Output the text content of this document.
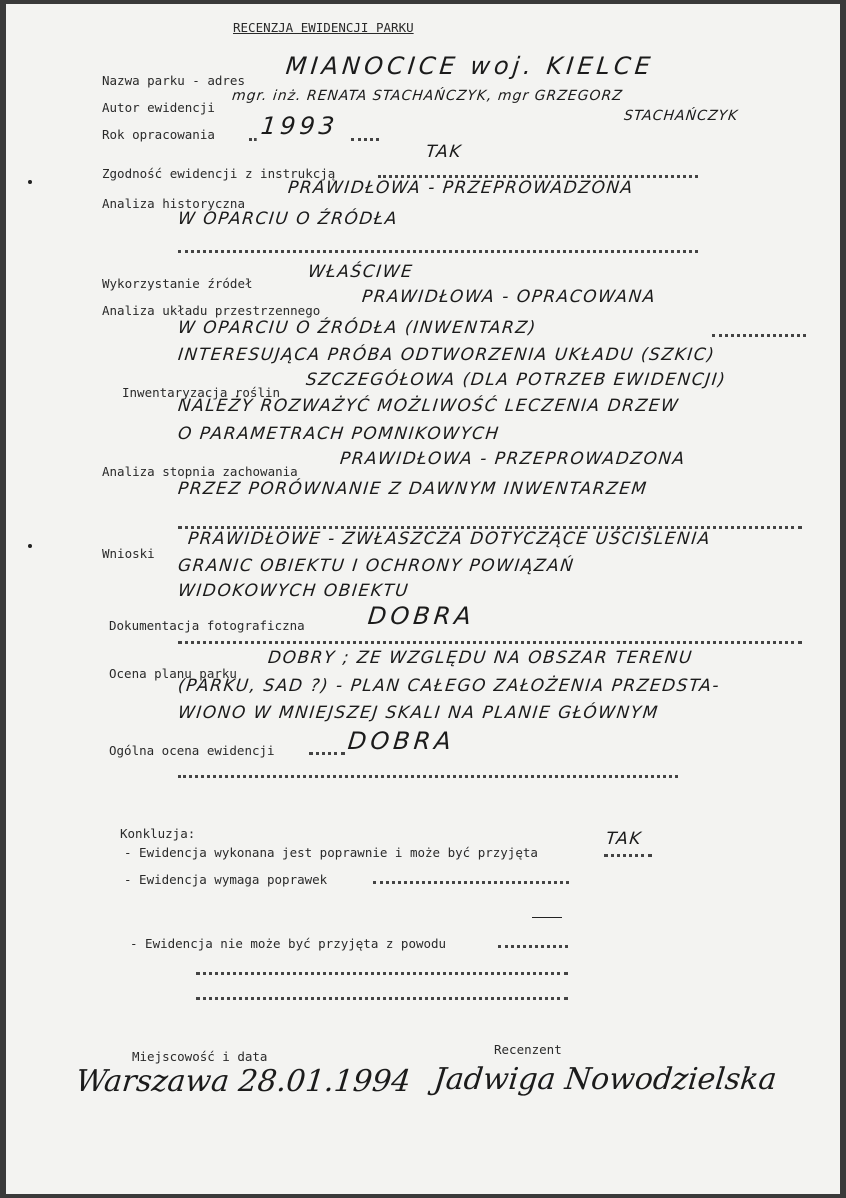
RECENZJA EWIDENCJI PARKU
Nazwa parku - adres
MIANOCICE woj. KIELCE
Autor ewidencji
mgr. inż. RENATA STACHAŃCZYK, mgr GRZEGORZ
STACHAŃCZYK
Rok opracowania 1993
Zgodność ewidencji z instrukcją
TAK
Analiza historyczna
PRAWIDŁOWA - PRZEPROWADZONA
W OPARCIU O ŹRÓDŁA
Wykorzystanie źródeł
WŁAŚCIWE
Analiza układu przestrzennego
PRAWIDŁOWA - OPRACOWANA
W OPARCIU O ŹRÓDŁA (INWENTARZ)
INTERESUJĄCA PRÓBA ODTWORZENIA UKŁADU (SZKIC)
Inwentaryzacja roślin
SZCZEGÓŁOWA (DLA POTRZEB EWIDENCJI)
NALEŻY ROZWAŻYĆ MOŻLIWOŚĆ LECZENIA DRZEW
O PARAMETRACH POMNIKOWYCH
Analiza stopnia zachowania
PRAWIDŁOWA - PRZEPROWADZONA
PRZEZ PORÓWNANIE Z DAWNYM INWENTARZEM
Wnioski
PRAWIDŁOWE - ZWŁASZCZA DOTYCZĄCE UŚCIŚLENIA
GRANIC OBIEKTU I OCHRONY POWIĄZAŃ
WIDOKOWYCH OBIEKTU
Dokumentacja fotograficzna	DOBRA
Ocena planu parku
DOBRY ; ZE WZGLĘDU NA OBSZAR TERENU
(PARKU, SAD ?) - PLAN CAŁEGO ZAŁOŻENIA PRZEDSTA-
WIONO W MNIEJSZEJ SKALI NA PLANIE GŁÓWNYM
Ogólna ocena ewidencji	DOBRA
Konkluzja:
- Ewidencja wykonana jest poprawnie i może być przyjęta
TAK
- Ewidencja wymaga poprawek
- Ewidencja nie może być przyjęta z powodu
Miejscowość i data
Warszawa 28.01.1994
Recenzent
Jadwiga Nowodzielska
